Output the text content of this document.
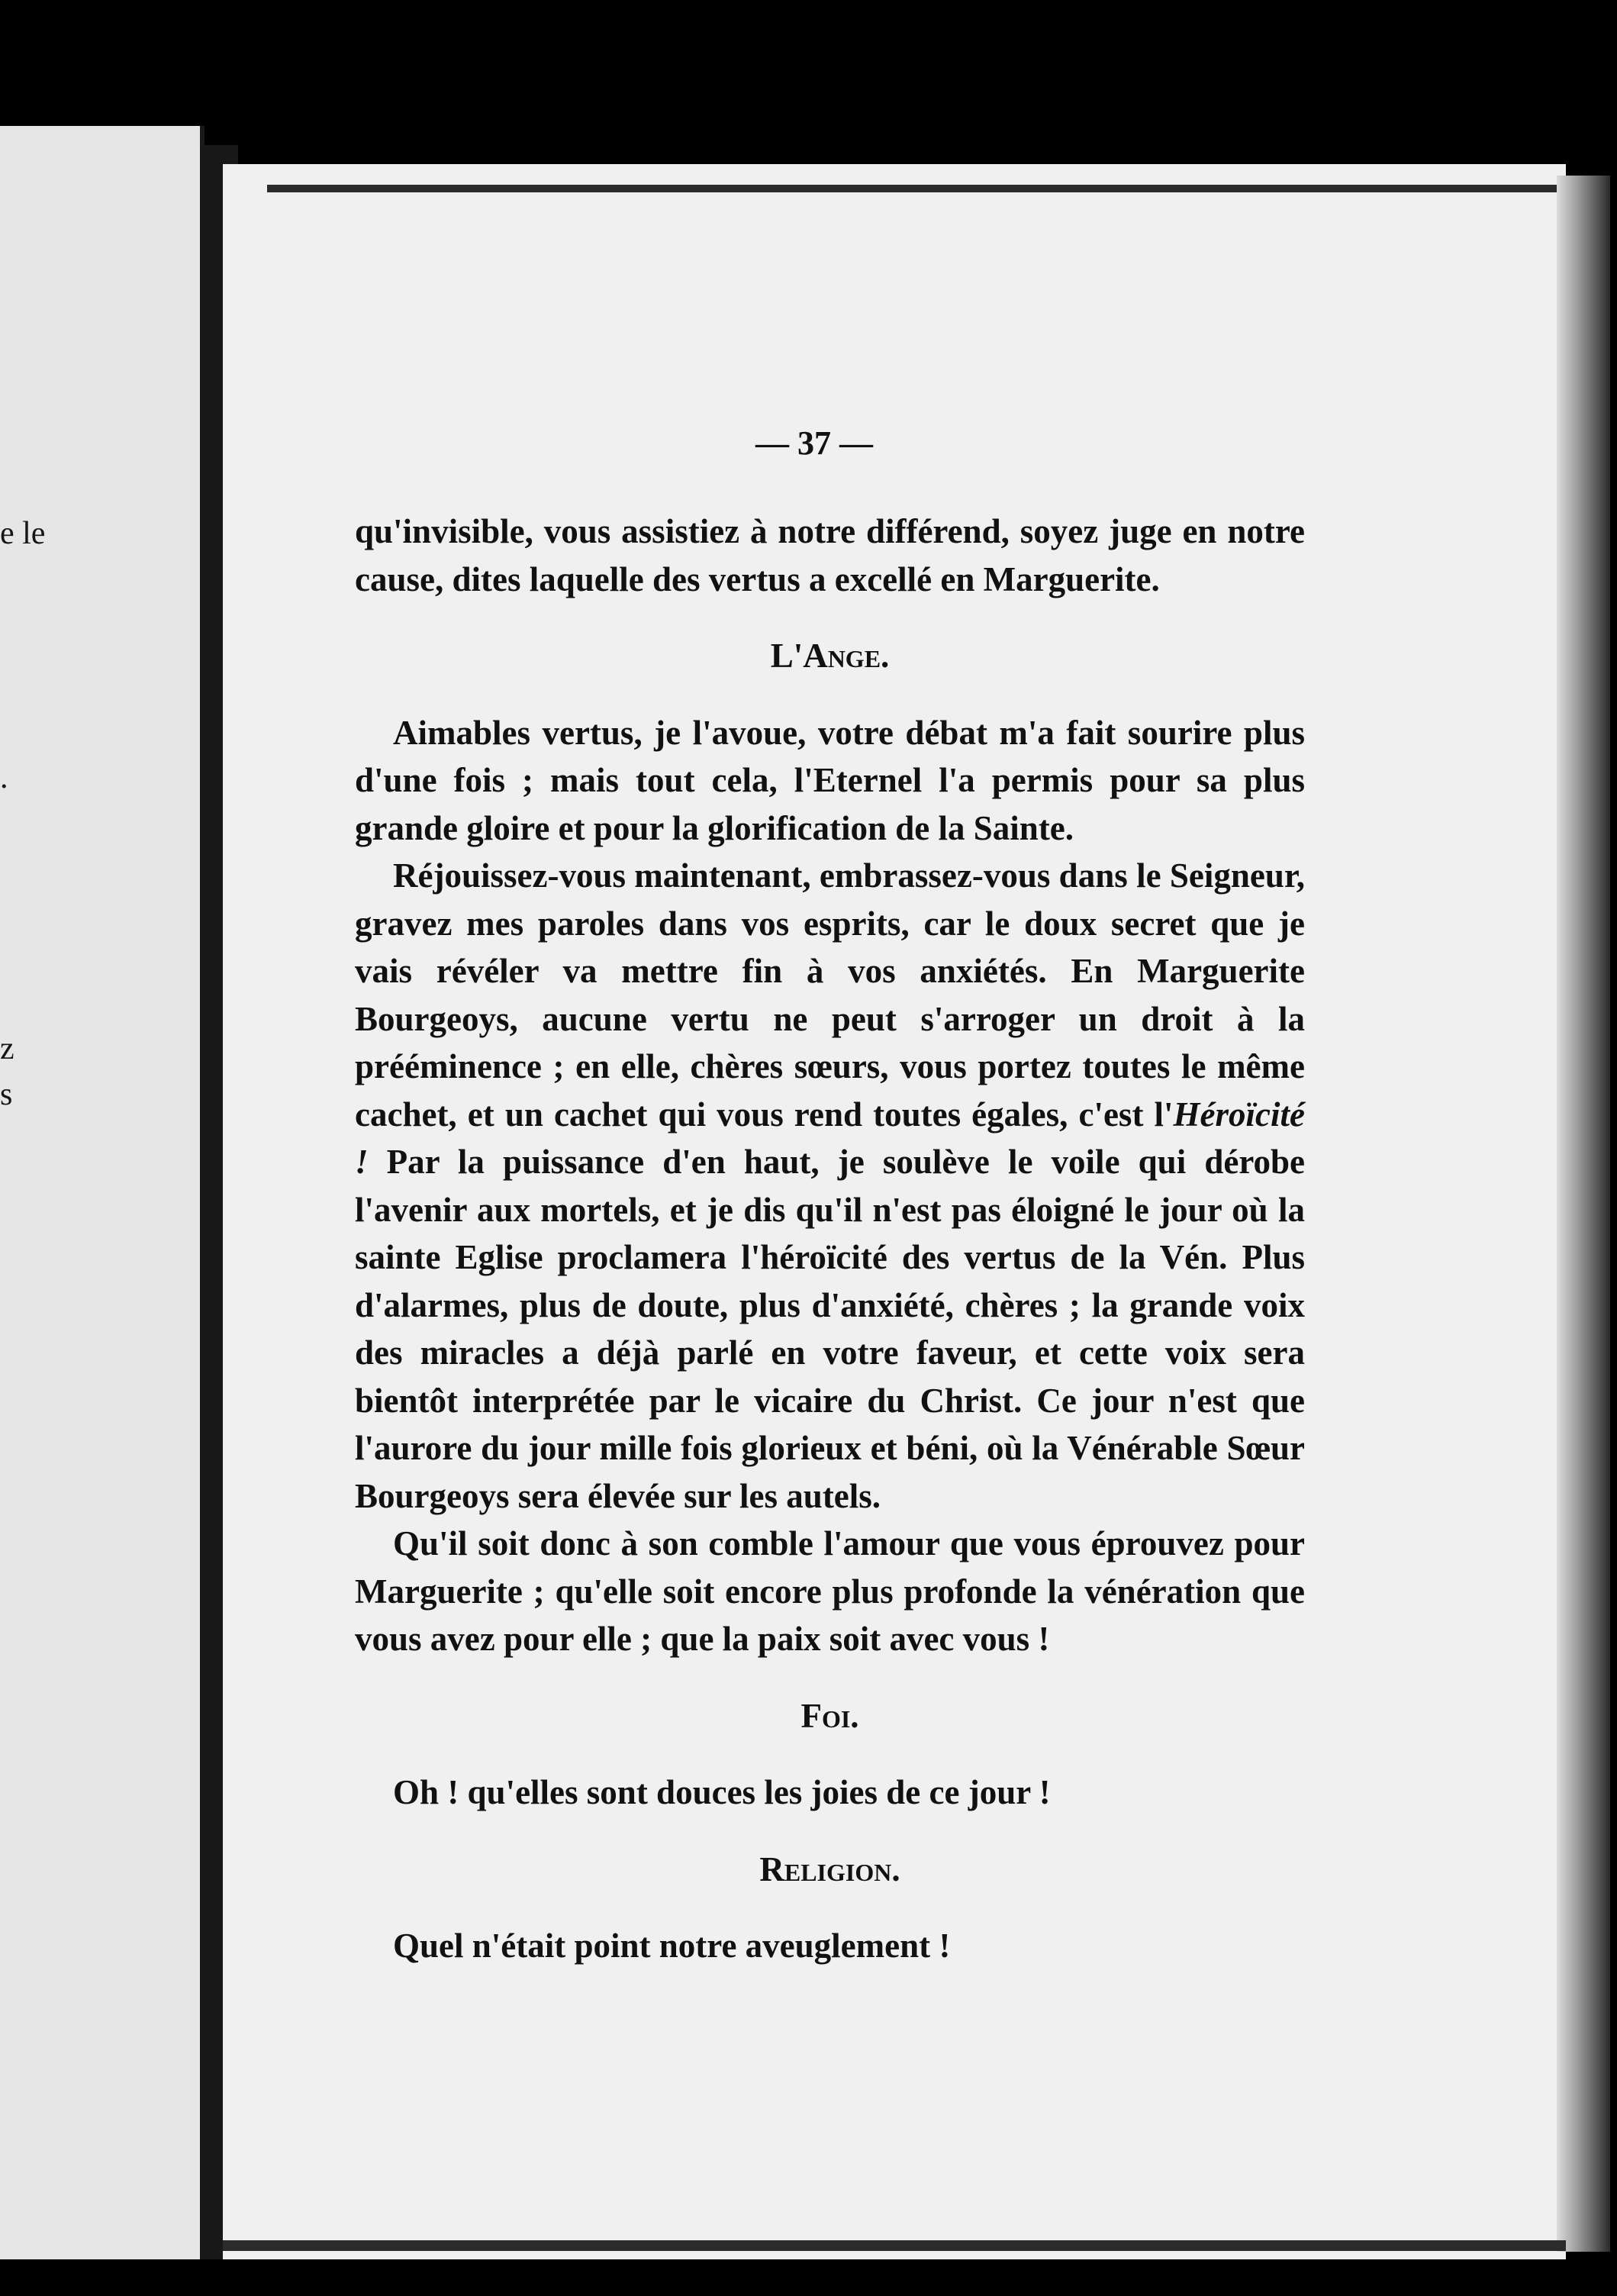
e le
.
z
s
— 37 —

qu'invisible, vous assistiez à notre différend, soyez juge en notre cause, dites laquelle des vertus a excellé en Marguerite.

L'Ange.

Aimables vertus, je l'avoue, votre débat m'a fait sourire plus d'une fois ; mais tout cela, l'Eternel l'a permis pour sa plus grande gloire et pour la glorification de la Sainte.

Réjouissez-vous maintenant, embrassez-vous dans le Seigneur, gravez mes paroles dans vos esprits, car le doux secret que je vais révéler va mettre fin à vos anxiétés. En Marguerite Bourgeoys, aucune vertu ne peut s'arroger un droit à la prééminence ; en elle, chères sœurs, vous portez toutes le même cachet, et un cachet qui vous rend toutes égales, c'est l'Héroïcité ! Par la puissance d'en haut, je soulève le voile qui dérobe l'avenir aux mortels, et je dis qu'il n'est pas éloigné le jour où la sainte Eglise proclamera l'héroïcité des vertus de la Vén. Plus d'alarmes, plus de doute, plus d'anxiété, chères ; la grande voix des miracles a déjà parlé en votre faveur, et cette voix sera bientôt interprétée par le vicaire du Christ. Ce jour n'est que l'aurore du jour mille fois glorieux et béni, où la Vénérable Sœur Bourgeoys sera élevée sur les autels.

Qu'il soit donc à son comble l'amour que vous éprouvez pour Marguerite ; qu'elle soit encore plus profonde la vénération que vous avez pour elle ; que la paix soit avec vous !

Foi.

Oh ! qu'elles sont douces les joies de ce jour !

Religion.

Quel n'était point notre aveuglement !
